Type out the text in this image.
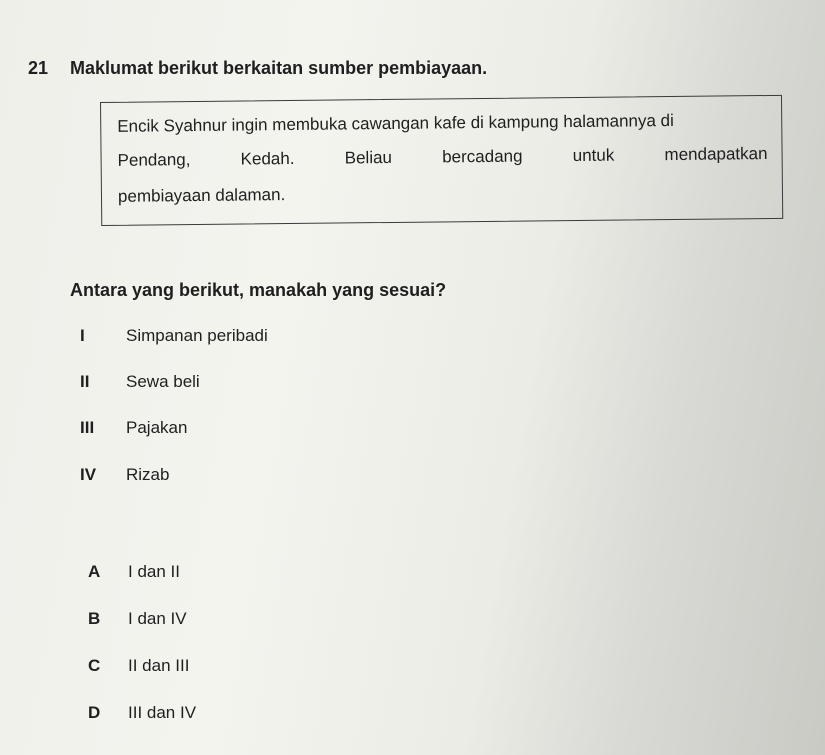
21 Maklumat berikut berkaitan sumber pembiayaan.
Encik Syahnur ingin membuka cawangan kafe di kampung halamannya di
Pendang,	Kedah.	Beliau	bercadang	untuk	mendapatkan
pembiayaan dalaman.
Antara yang berikut, manakah yang sesuai?
I Simpanan peribadi
II Sewa beli
III Pajakan
IV Rizab
A I dan II
B I dan IV
C II dan III
D III dan IV
